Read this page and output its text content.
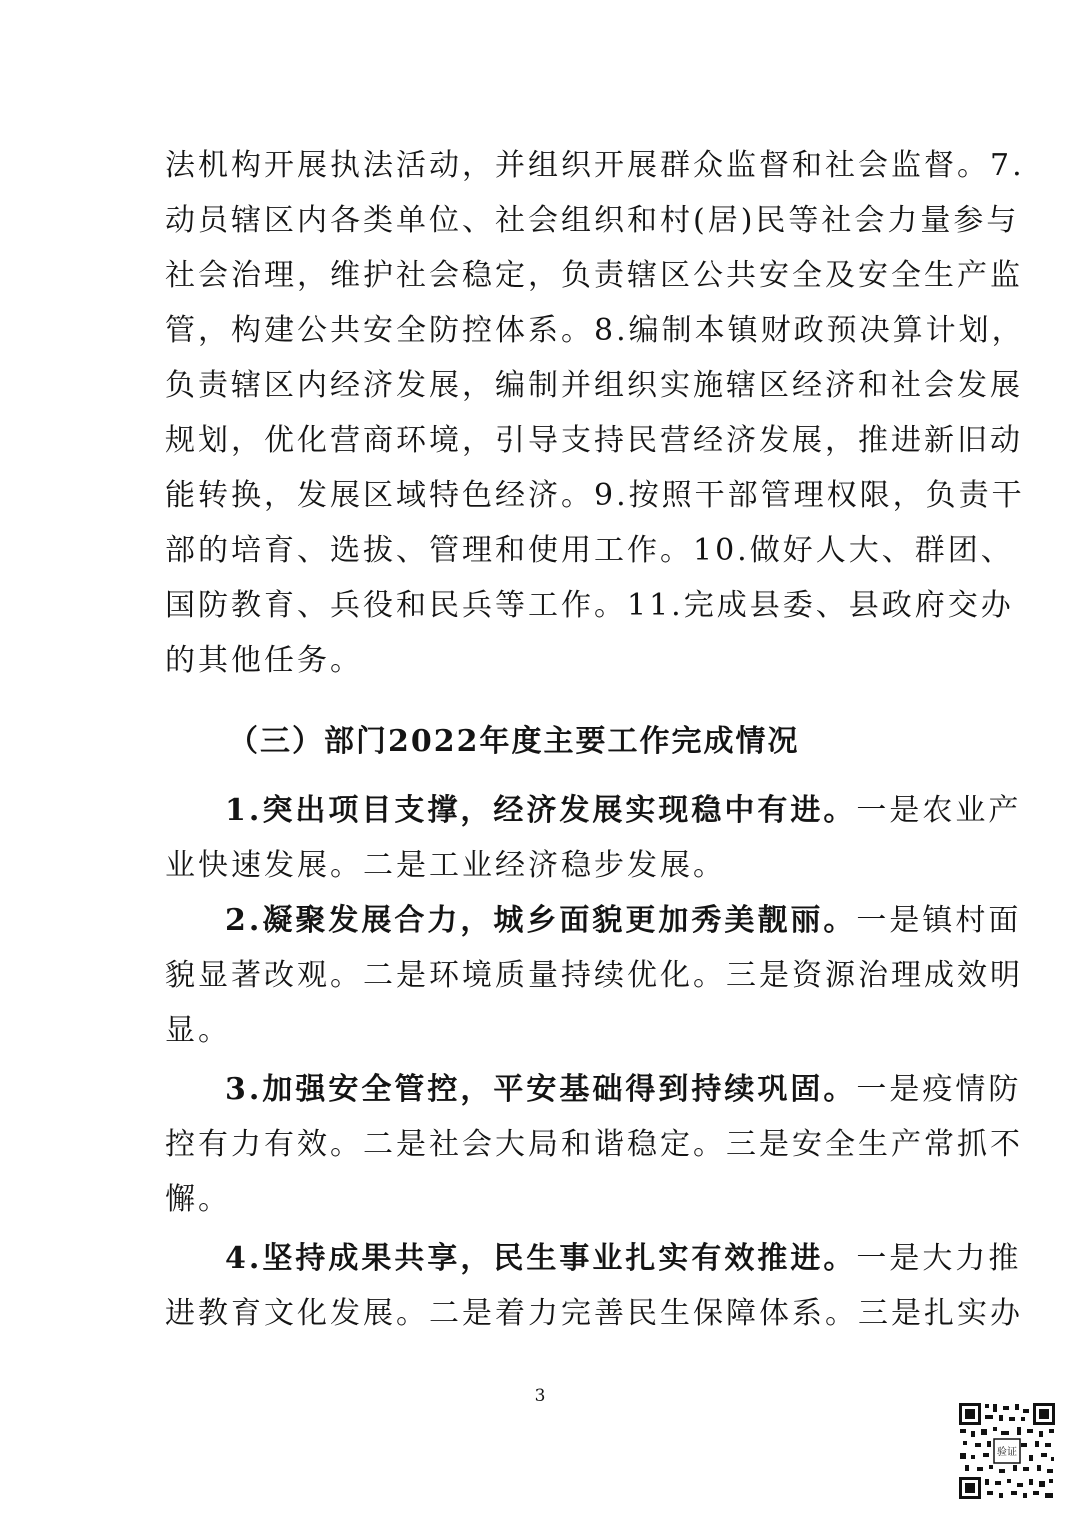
法机构开展执法活动，并组织开展群众监督和社会监督。7.
动员辖区内各类单位、社会组织和村(居)民等社会力量参与
社会治理，维护社会稳定，负责辖区公共安全及安全生产监
管，构建公共安全防控体系。8.编制本镇财政预决算计划，
负责辖区内经济发展，编制并组织实施辖区经济和社会发展
规划，优化营商环境，引导支持民营经济发展，推进新旧动
能转换，发展区域特色经济。9.按照干部管理权限，负责干
部的培育、选拔、管理和使用工作。10.做好人大、群团、
国防教育、兵役和民兵等工作。11.完成县委、县政府交办
的其他任务。
（三）部门2022年度主要工作完成情况
1.突出项目支撑，经济发展实现稳中有进。一是农业产
业快速发展。二是工业经济稳步发展。
2.凝聚发展合力，城乡面貌更加秀美靓丽。一是镇村面
貌显著改观。二是环境质量持续优化。三是资源治理成效明
显。
3.加强安全管控，平安基础得到持续巩固。一是疫情防
控有力有效。二是社会大局和谐稳定。三是安全生产常抓不
懈。
4.坚持成果共享，民生事业扎实有效推进。一是大力推
进教育文化发展。二是着力完善民生保障体系。三是扎实办
3
验证
